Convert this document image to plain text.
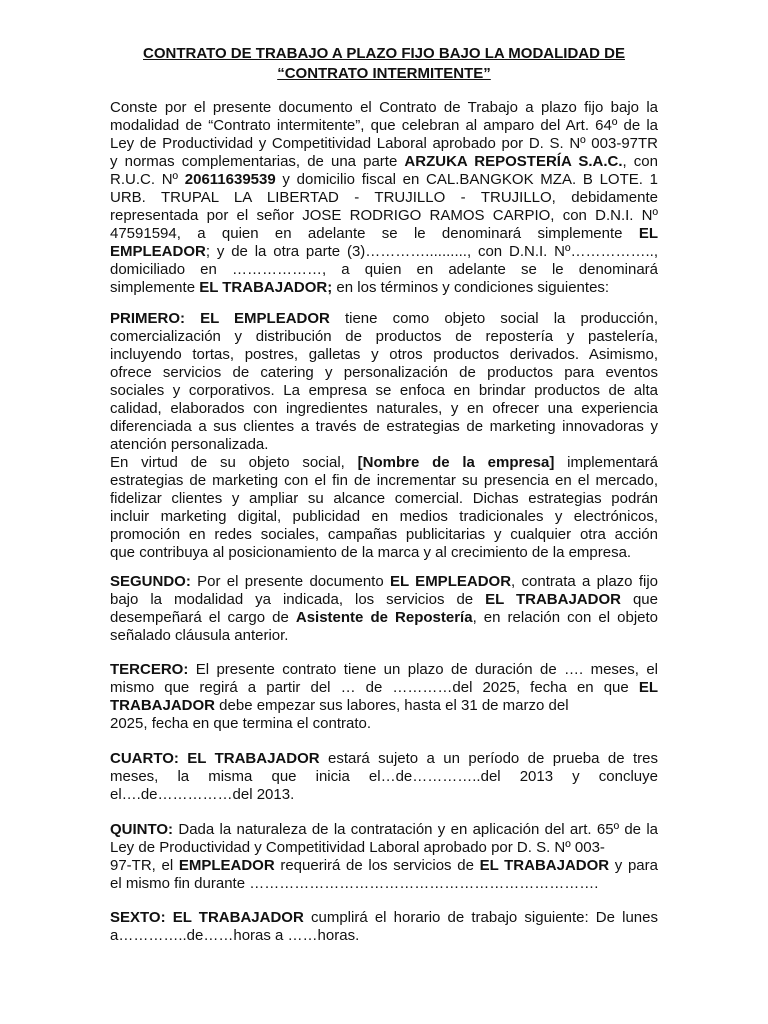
CONTRATO DE TRABAJO A PLAZO FIJO BAJO LA MODALIDAD DE
“CONTRATO INTERMITENTE”
Conste por el presente documento el Contrato de Trabajo a plazo fijo bajo la
modalidad de “Contrato intermitente”, que celebran al amparo del Art. 64º de la
Ley de Productividad y Competitividad Laboral aprobado por D. S. Nº 003-97TR
y normas complementarias, de una parte ARZUKA REPOSTERÍA S.A.C., con
R.U.C. Nº 20611639539 y domicilio fiscal en CAL.BANGKOK MZA. B LOTE. 1
URB. TRUPAL LA LIBERTAD - TRUJILLO - TRUJILLO, debidamente
representada por el señor JOSE RODRIGO RAMOS CARPIO, con D.N.I. Nº
47591594, a quien en adelante se le denominará simplemente EL
EMPLEADOR; y de la otra parte (3)………….........., con D.N.I. Nº……………..,
domiciliado en ………………, a quien en adelante se le denominará
simplemente EL TRABAJADOR; en los términos y condiciones siguientes:
PRIMERO: EL EMPLEADOR tiene como objeto social la producción,
comercialización y distribución de productos de repostería y pastelería,
incluyendo tortas, postres, galletas y otros productos derivados. Asimismo,
ofrece servicios de catering y personalización de productos para eventos
sociales y corporativos. La empresa se enfoca en brindar productos de alta
calidad, elaborados con ingredientes naturales, y en ofrecer una experiencia
diferenciada a sus clientes a través de estrategias de marketing innovadoras y
atención personalizada.
En virtud de su objeto social, [Nombre de la empresa] implementará
estrategias de marketing con el fin de incrementar su presencia en el mercado,
fidelizar clientes y ampliar su alcance comercial. Dichas estrategias podrán
incluir marketing digital, publicidad en medios tradicionales y electrónicos,
promoción en redes sociales, campañas publicitarias y cualquier otra acción
que contribuya al posicionamiento de la marca y al crecimiento de la empresa.
SEGUNDO: Por el presente documento EL EMPLEADOR, contrata a plazo fijo
bajo la modalidad ya indicada, los servicios de EL TRABAJADOR que
desempeñará el cargo de Asistente de Repostería, en relación con el objeto
señalado cláusula anterior.
TERCERO: El presente contrato tiene un plazo de duración de …. meses, el
mismo que regirá a partir del … de …………del 2025, fecha en que EL
TRABAJADOR debe empezar sus labores, hasta el 31 de marzo del
2025, fecha en que termina el contrato.
CUARTO: EL TRABAJADOR estará sujeto a un período de prueba de tres
meses, la misma que inicia el…de…………..del 2013 y concluye
el….de……………del 2013.
QUINTO: Dada la naturaleza de la contratación y en aplicación del art. 65º de la
Ley de Productividad y Competitividad Laboral aprobado por D. S. Nº 003-
97-TR, el EMPLEADOR requerirá de los servicios de EL TRABAJADOR y para
el mismo fin durante …………………………………………………………….
SEXTO: EL TRABAJADOR cumplirá el horario de trabajo siguiente: De lunes
a…………..de……horas a ……horas.
